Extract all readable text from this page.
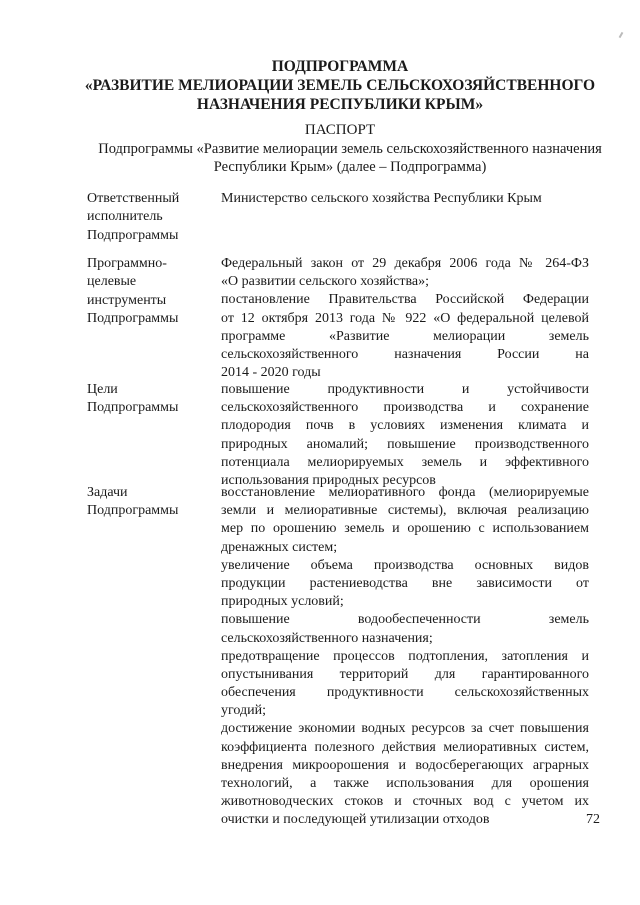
ПОДПРОГРАММА
«РАЗВИТИЕ МЕЛИОРАЦИИ ЗЕМЕЛЬ СЕЛЬСКОХОЗЯЙСТВЕННОГО
НАЗНАЧЕНИЯ РЕСПУБЛИКИ КРЫМ»
ПАСПОРТ
Подпрограммы «Развитие мелиорации земель сельскохозяйственного назначения
Республики Крым» (далее – Подпрограмма)
Ответственный
исполнитель
Подпрограммы
Министерство сельского хозяйства Республики Крым
Программно-
целевые
инструменты
Подпрограммы
Федеральный закон от 29 декабря 2006 года № 264-ФЗ
«О развитии сельского хозяйства»;
постановление Правительства Российской Федерации
от 12 октября 2013 года № 922 «О федеральной целевой
программе «Развитие мелиорации земель
сельскохозяйственного назначения России на
2014 - 2020 годы
Цели
Подпрограммы
повышение продуктивности и устойчивости
сельскохозяйственного производства и сохранение
плодородия почв в условиях изменения климата и
природных аномалий; повышение производственного
потенциала мелиорируемых земель и эффективного
использования природных ресурсов
Задачи
Подпрограммы
восстановление мелиоративного фонда (мелиорируемые
земли и мелиоративные системы), включая реализацию
мер по орошению земель и орошению с использованием
дренажных систем;
увеличение объема производства основных видов
продукции растениеводства вне зависимости от
природных условий;
повышение водообеспеченности земель
сельскохозяйственного назначения;
предотвращение процессов подтопления, затопления и
опустынивания территорий для гарантированного
обеспечения продуктивности сельскохозяйственных
угодий;
достижение экономии водных ресурсов за счет повышения
коэффициента полезного действия мелиоративных систем,
внедрения микроорошения и водосберегающих аграрных
технологий, а также использования для орошения
животноводческих стоков и сточных вод с учетом их
очистки и последующей утилизации отходов	72
